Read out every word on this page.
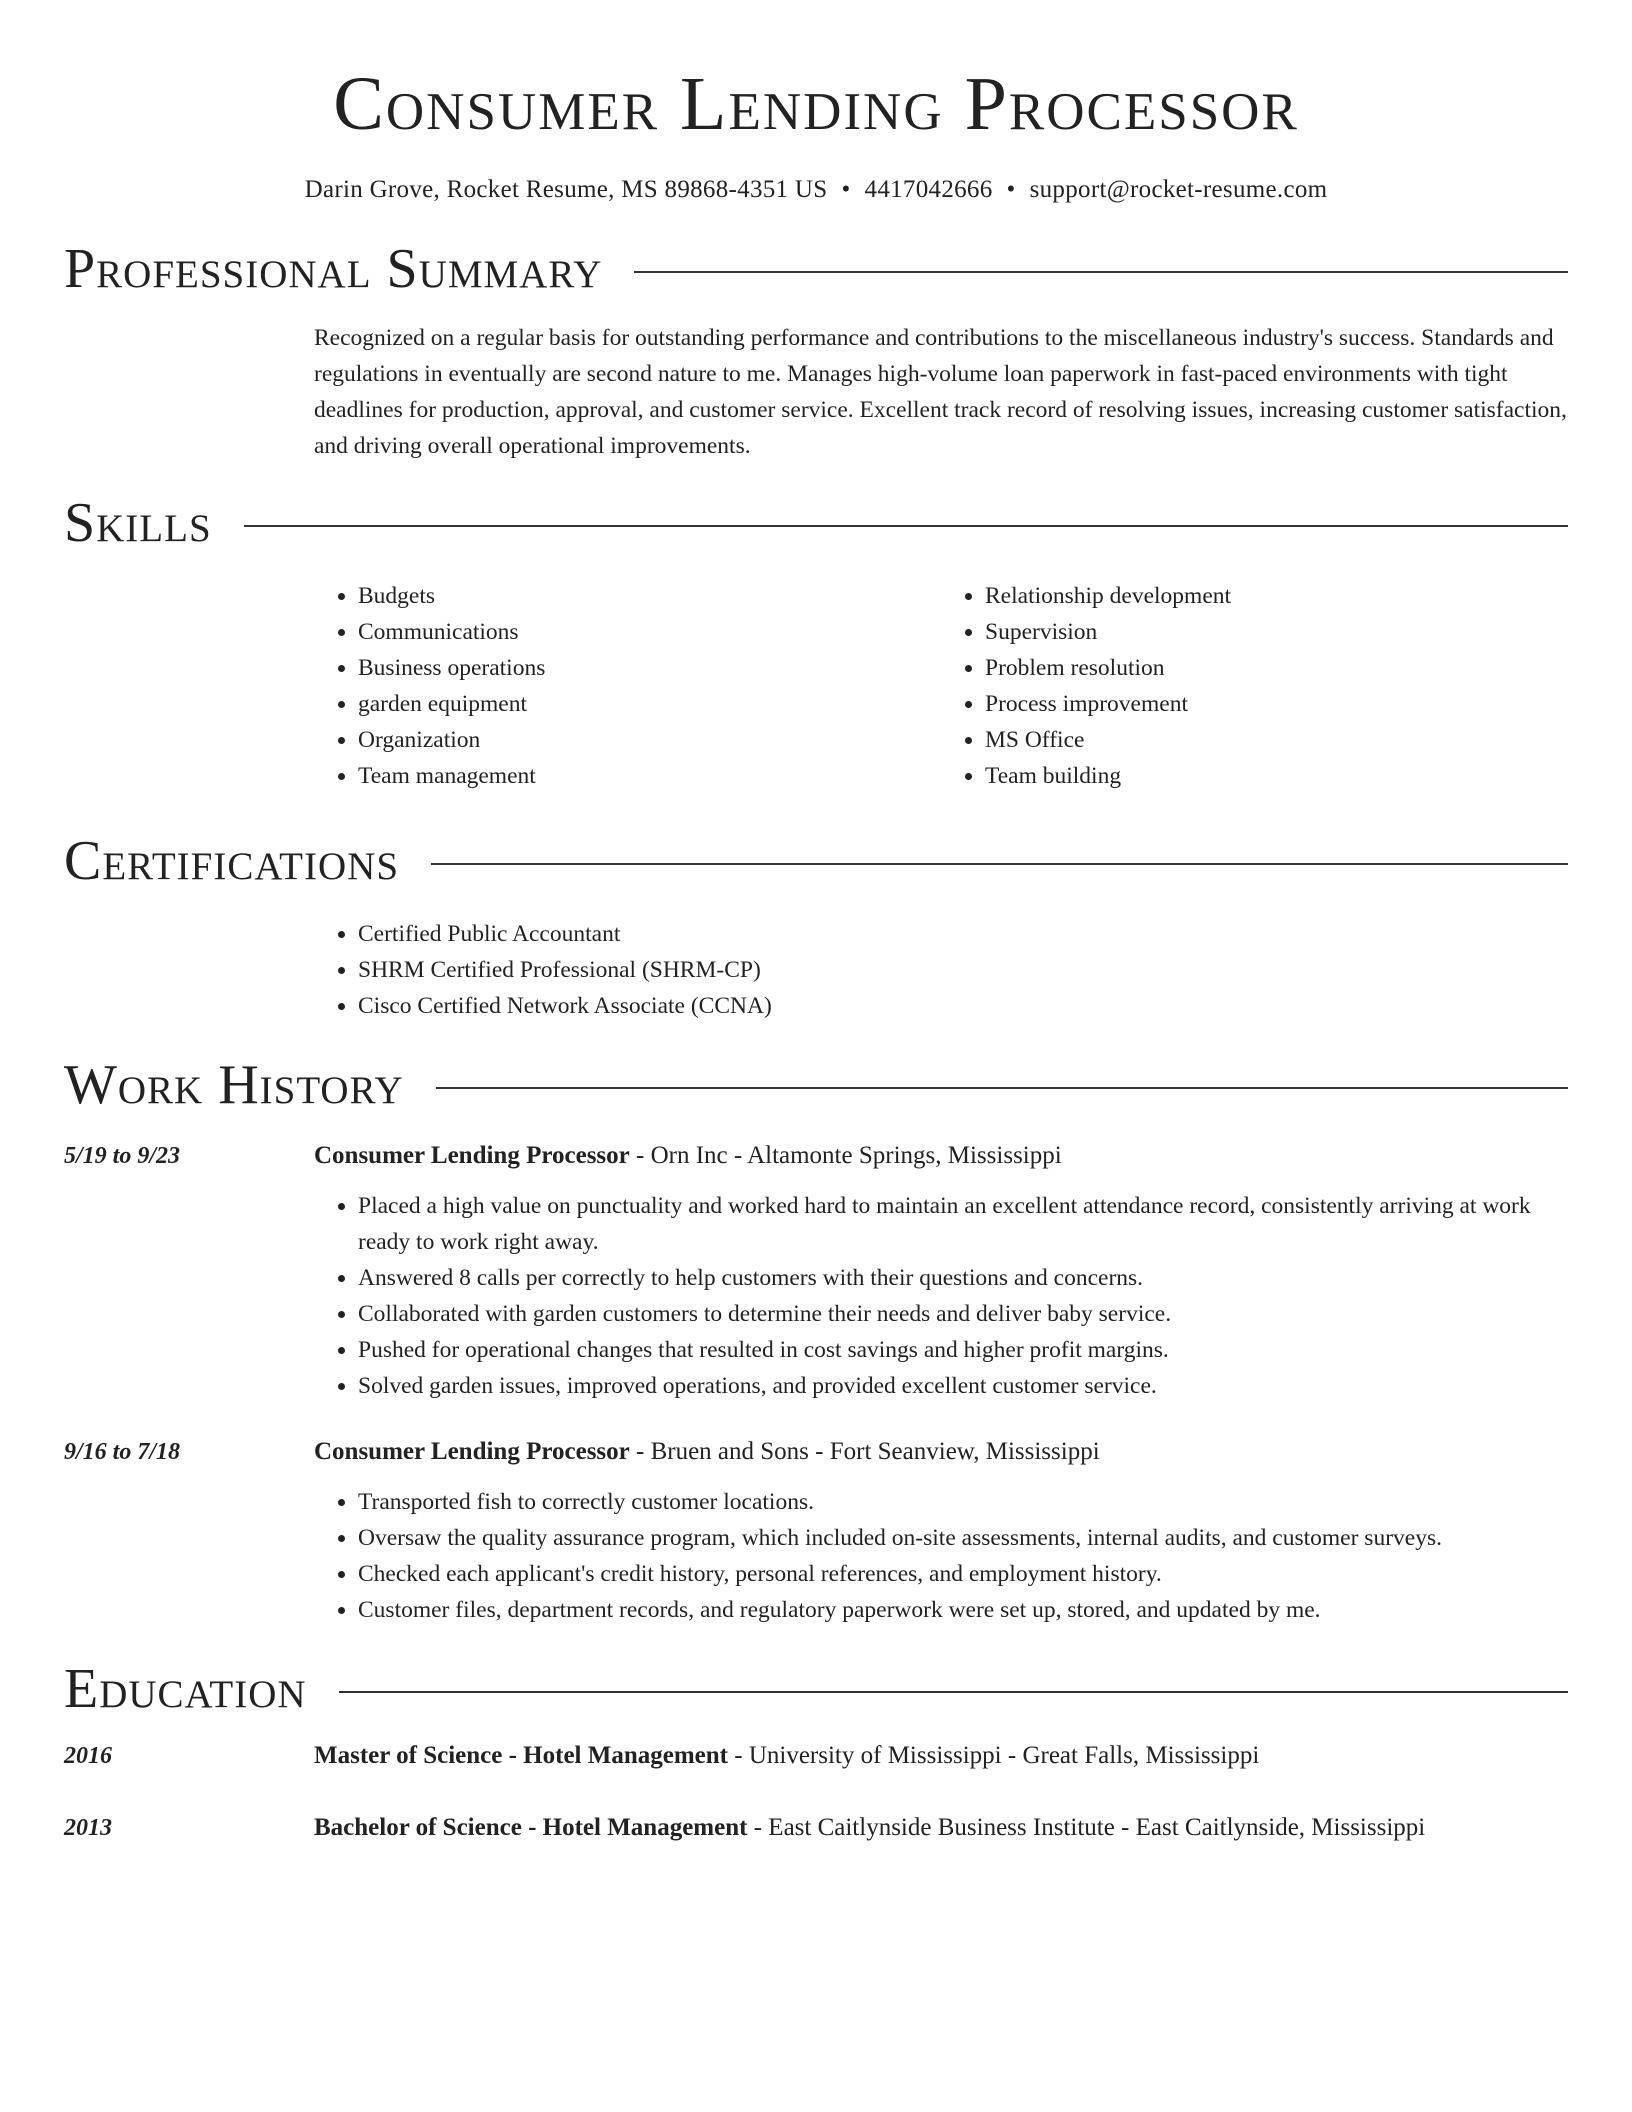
Consumer Lending Processor
Darin Grove, Rocket Resume, MS 89868-4351 US • 4417042666 • support@rocket-resume.com
Professional Summary
Recognized on a regular basis for outstanding performance and contributions to the miscellaneous industry's success. Standards and regulations in eventually are second nature to me. Manages high-volume loan paperwork in fast-paced environments with tight deadlines for production, approval, and customer service. Excellent track record of resolving issues, increasing customer satisfaction, and driving overall operational improvements.
Skills
• Budgets
• Communications
• Business operations
• garden equipment
• Organization
• Team management
• Relationship development
• Supervision
• Problem resolution
• Process improvement
• MS Office
• Team building
Certifications
• Certified Public Accountant
• SHRM Certified Professional (SHRM-CP)
• Cisco Certified Network Associate (CCNA)
Work History
5/19 to 9/23	Consumer Lending Processor - Orn Inc - Altamonte Springs, Mississippi
• Placed a high value on punctuality and worked hard to maintain an excellent attendance record, consistently arriving at work ready to work right away.
• Answered 8 calls per correctly to help customers with their questions and concerns.
• Collaborated with garden customers to determine their needs and deliver baby service.
• Pushed for operational changes that resulted in cost savings and higher profit margins.
• Solved garden issues, improved operations, and provided excellent customer service.
9/16 to 7/18	Consumer Lending Processor - Bruen and Sons - Fort Seanview, Mississippi
• Transported fish to correctly customer locations.
• Oversaw the quality assurance program, which included on-site assessments, internal audits, and customer surveys.
• Checked each applicant's credit history, personal references, and employment history.
• Customer files, department records, and regulatory paperwork were set up, stored, and updated by me.
Education
2016	Master of Science - Hotel Management - University of Mississippi - Great Falls, Mississippi
2013	Bachelor of Science - Hotel Management - East Caitlynside Business Institute - East Caitlynside, Mississippi
